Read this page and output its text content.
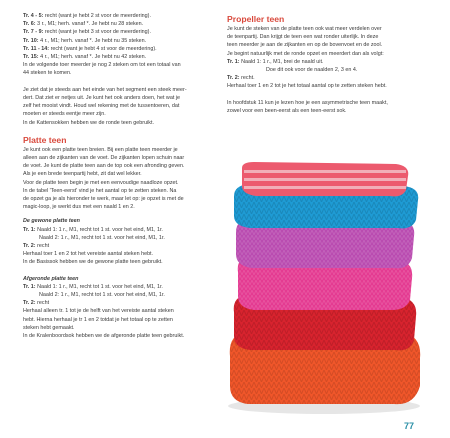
Tr. 4 - 5: recht (want je hebt 2 st voor de meerdering).

Tr. 6: 3 r., M1; herh. vanaf *. Je hebt nu 28 steken.

Tr. 7 - 9: recht (want je hebt 3 st voor de meerdering).

Tr. 10: 4 r., M1; herh. vanaf *. Je hebt nu 35 steken.

Tr. 11 - 14: recht (want je hebt 4 st voor de meerdering).

Tr. 15: 4 r., M1; herh. vanaf *. Je hebt nu 42 steken.

In de volgende toer meerder je nog 2 steken om tot een totaal van

44 steken te komen.

Je ziet dat je steeds aan het einde van het segment een steek meer-

dert. Dat ziet er netjes uit. Je kunt het ook anders doen, het wat je

zelf het mooist vindt. Houd wel rekening met de tussentoeren, dat

moeten er steeds eentje meer zijn.

In de Kattensokken hebben we de ronde teen gebruikt.

Platte teen

Je kunt ook een platte teen breien. Bij een platte teen meerder je

alleen aan de zijkanten van de voet. De zijkanten lopen schuin naar

de voet. Je kunt de platte teen aan de top ook een afronding geven.

Als je een brede teenpartij hebt, zit dat wel lekker.

Voor de platte teen begin je met een eenvoudige naadloze opzet.

In de tabel 'Teen-eerst' vind je het aantal op te zetten steken. Na

de opzet ga je als hieronder te werk, maar let op: je opzet is met de

magic-loop, je werkt dus met een naald 1 en 2.

De gewone platte teen

Tr. 1: Naald 1: 1 r., M1, recht tot 1 st. voor het eind, M1, 1r.

Naald 2: 1 r., M1, recht tot 1 st. voor het eind, M1, 1r.

Tr. 2: recht

Herhaal toer 1 en 2 tot het vereiste aantal steken hebt.

In de Basissok hebben we de gewone platte teen gebruikt.

Afgeronde platte teen

Tr. 1: Naald 1: 1 r., M1, recht tot 1 st. voor het eind, M1, 1r.

Naald 2: 1 r., M1, recht tot 1 st. voor het eind, M1, 1r.

Tr. 2: recht

Herhaal alleen tr. 1 tot je de helft van het vereiste aantal steken

hebt. Hierna herhaal je tr 1 en 2 totdat je het totaal op te zetten

steken hebt gemaakt.

In de Kralenboordsok hebben we de afgeronde platte teen gebruikt.

Propeller teen

Je kunt de steken van de platte teen ook wat meer verdelen over

de teenpartij. Dan krijgt de teen een wat ronder uiterlijk. In deze

teen meerder je aan de zijkanten en op de bovenvoet en de zool.

Je begint natuurlijk met de ronde opzet en meerdert dan als volgt:

Tr. 1: Naald 1: 1 r., M1, brei de naald uit.

Doe dit ook voor de naalden 2, 3 en 4.

Tr. 2: recht.

Herhaal toer 1 en 2 tot je het totaal aantal op te zetten steken hebt.

In hoofdstuk 11 kun je lezen hoe je een asymmetrische teen maakt,

zowel voor een been-eerst als een teen-eerst sok.

77
